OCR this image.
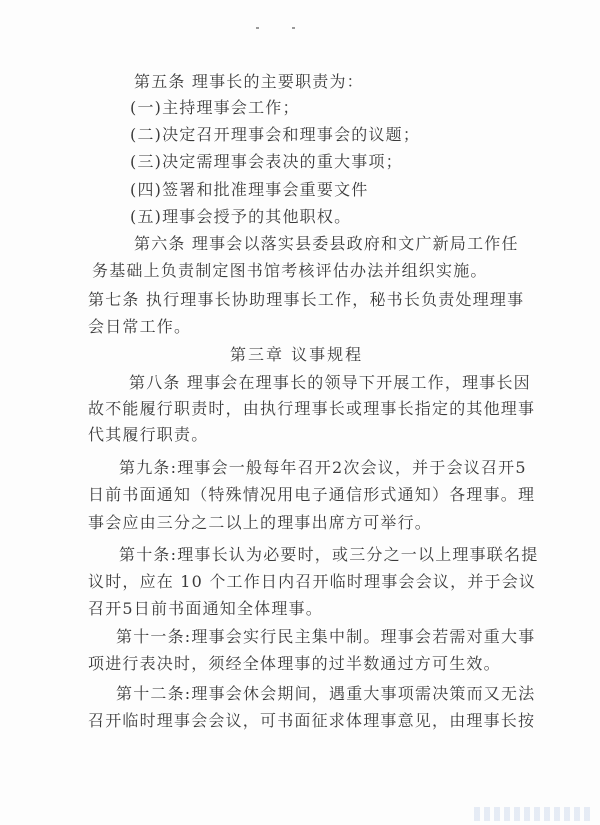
第五条 理事长的主要职责为：
(一)主持理事会工作；
(二)决定召开理事会和理事会的议题；
(三)决定需理事会表决的重大事项；
(四)签署和批准理事会重要文件
(五)理事会授予的其他职权。
第六条 理事会以落实县委县政府和文广新局工作任
务基础上负责制定图书馆考核评估办法并组织实施。
第七条 执行理事长协助理事长工作，秘书长负责处理理事
会日常工作。
第三章 议事规程
第八条 理事会在理事长的领导下开展工作，理事长因
故不能履行职责时，由执行理事长或理事长指定的其他理事
代其履行职责。
第九条:理事会一般每年召开2次会议，并于会议召开5
日前书面通知（特殊情况用电子通信形式通知）各理事。理
事会应由三分之二以上的理事出席方可举行。
第十条:理事长认为必要时，或三分之一以上理事联名提
议时，应在 10 个工作日内召开临时理事会会议，并于会议
召开5日前书面通知全体理事。
第十一条:理事会实行民主集中制。理事会若需对重大事
项进行表决时，须经全体理事的过半数通过方可生效。
第十二条:理事会休会期间，遇重大事项需决策而又无法
召开临时理事会会议，可书面征求体理事意见，由理事长按
